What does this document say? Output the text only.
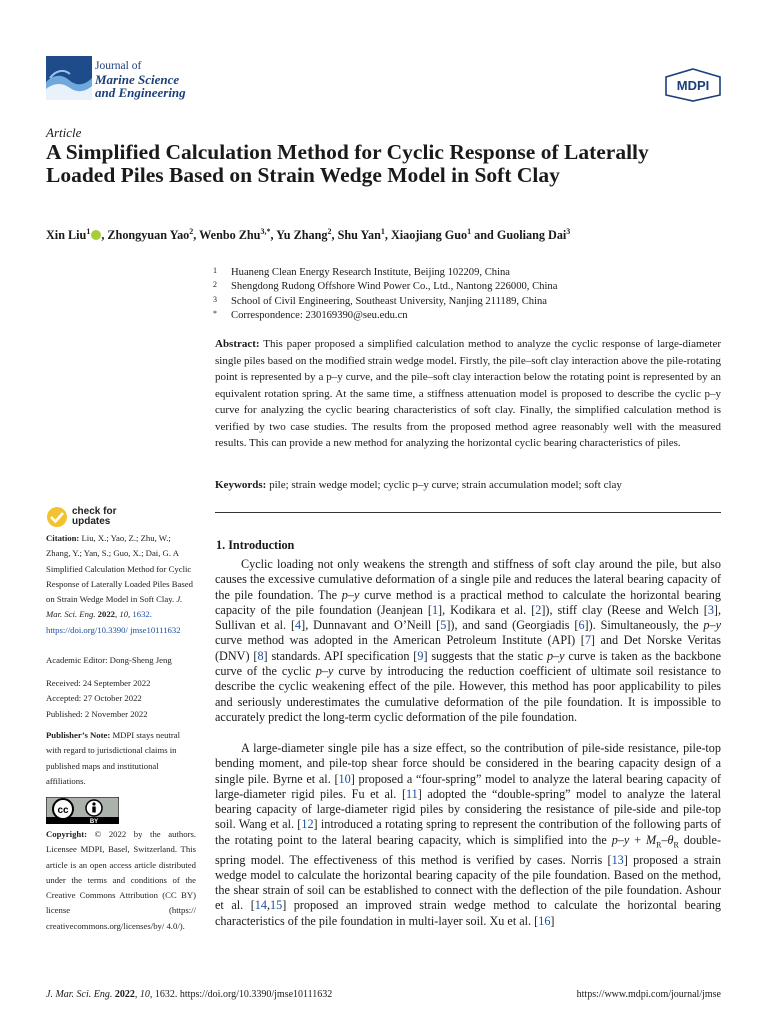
Journal of
Marine Science
and Engineering	MDPI
Article
A Simplified Calculation Method for Cyclic Response of Laterally Loaded Piles Based on Strain Wedge Model in Soft Clay
Xin Liu$^1$ , Zhongyuan Yao$^2$, Wenbo Zhu$^{3,*}$, Yu Zhang$^2$, Shu Yan$^1$, Xiaojiang Guo$^1$ and Guoliang Dai$^3$
1	Huaneng Clean Energy Research Institute, Beijing 102209, China
2	Shengdong Rudong Offshore Wind Power Co., Ltd., Nantong 226000, China
3	School of Civil Engineering, Southeast University, Nanjing 211189, China
*	Correspondence: 230169390@seu.edu.cn

Abstract: This paper proposed a simplified calculation method to analyze the cyclic response of large-diameter single piles based on the modified strain wedge model. Firstly, the pile–soft clay interaction above the pile-rotating point is represented by a p–y curve, and the pile–soft clay interaction below the rotating point is represented by an equivalent rotation spring. At the same time, a stiffness attenuation model is proposed to describe the cyclic p–y curve for analyzing the cyclic bearing characteristics of soft clay. Finally, the simplified calculation method is verified by two case studies. The results from the proposed method agree reasonably well with the measured results. This can provide a new method for analyzing the horizontal cyclic bearing characteristics of piles.

Keywords: pile; strain wedge model; cyclic p–y curve; strain accumulation model; soft clay
check for
updates
Citation: Liu, X.; Yao, Z.; Zhu, W.; Zhang, Y.; Yan, S.; Guo, X.; Dai, G. A Simplified Calculation Method for Cyclic Response of Laterally Loaded Piles Based on Strain Wedge Model in Soft Clay. J. Mar. Sci. Eng. 2022, 10, 1632. https://doi.org/10.3390/ jmse10111632
Academic Editor: Dong-Sheng Jeng
Received: 24 September 2022
Accepted: 27 October 2022
Published: 2 November 2022
Publisher’s Note: MDPI stays neutral with regard to jurisdictional claims in published maps and institutional affiliations.
cc
BY
Copyright: © 2022 by the authors. Licensee MDPI, Basel, Switzerland. This article is an open access article distributed under the terms and conditions of the Creative Commons Attribution (CC BY) license (https:// creativecommons.org/licenses/by/ 4.0/).
1. Introduction

Cyclic loading not only weakens the strength and stiffness of soft clay around the pile, but also causes the excessive cumulative deformation of a single pile and reduces the lateral bearing capacity of the pile foundation. The p–y curve method is a practical method to calculate the horizontal bearing capacity of the pile foundation (Jeanjean [1], Kodikara et al. [2]), stiff clay (Reese and Welch [3], Sullivan et al. [4], Dunnavant and O’Neill [5]), and sand (Georgiadis [6]). Simultaneously, the p–y curve method was adopted in the American Petroleum Institute (API) [7] and Det Norske Veritas (DNV) [8] standards. API specification [9] suggests that the static p–y curve is taken as the backbone curve of the cyclic p–y curve by introducing the reduction coefficient of ultimate soil resistance to describe the cyclic weakening effect of the pile. However, this method has poor applicability to piles and seriously underestimates the cumulative deformation of the pile foundation. It is impossible to accurately predict the long-term cyclic deformation of the pile foundation.

A large-diameter single pile has a size effect, so the contribution of pile-side resistance, pile-top bending moment, and pile-top shear force should be considered in the bearing capacity design of a single pile. Byrne et al. [10] proposed a “four-spring” model to analyze the lateral bearing capacity of large-diameter rigid piles. Fu et al. [11] adopted the “double-spring” model to analyze the lateral bearing capacity of large-diameter rigid piles by considering the resistance of pile-side and pile-top soil. Wang et al. [12] introduced a rotating spring to represent the contribution of the following parts of the rotating point to the lateral bearing capacity, which is simplified into the $p-y + M_R-\theta_R$ double-spring model. The effectiveness of this method is verified by cases. Norris [13] proposed a strain wedge model to calculate the horizontal bearing capacity of the pile foundation. Based on the method, the shear strain of soil can be established to connect with the deflection of the pile foundation. Ashour et al. [14,15] proposed an improved strain wedge method to calculate the horizontal bearing characteristics of the pile foundation in multi-layer soil. Xu et al. [16]

J. Mar. Sci. Eng. 2022, 10, 1632. https://doi.org/10.3390/jmse10111632	https://www.mdpi.com/journal/jmse
